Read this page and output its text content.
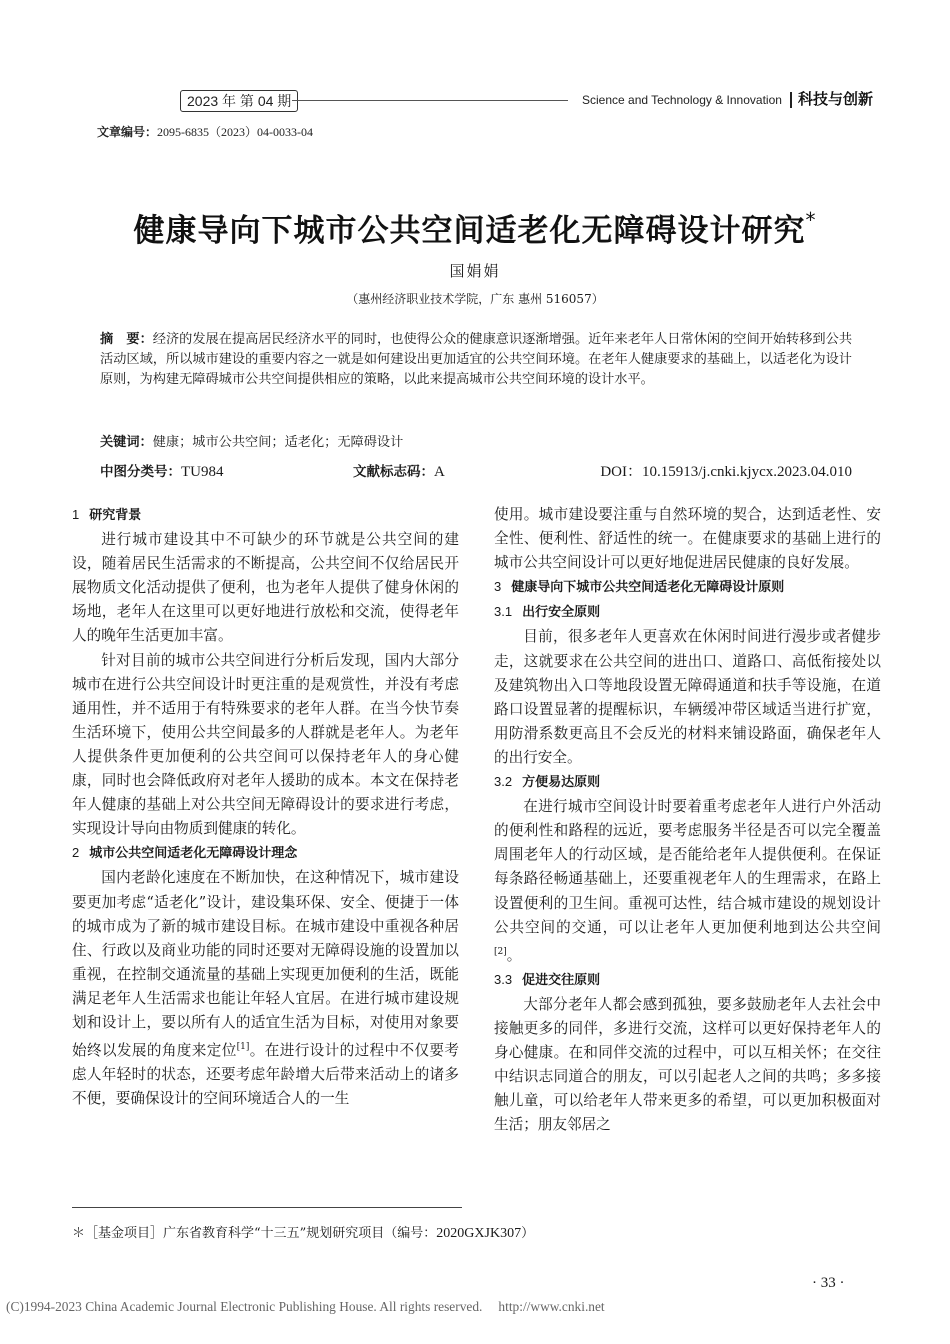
2023 年 第 04 期	Science and Technology & Innovation 科技与创新
文章编号：2095-6835（2023）04-0033-04
健康导向下城市公共空间适老化无障碍设计研究*
国娟娟
（惠州经济职业技术学院，广东 惠州 516057）
摘　要：经济的发展在提高居民经济水平的同时，也使得公众的健康意识逐渐增强。近年来老年人日常休闲的空间开始转移到公共活动区域，所以城市建设的重要内容之一就是如何建设出更加适宜的公共空间环境。在老年人健康要求的基础上，以适老化为设计原则，为构建无障碍城市公共空间提供相应的策略，以此来提高城市公共空间环境的设计水平。
关键词：健康；城市公共空间；适老化；无障碍设计
中图分类号：TU984	文献标志码：A	DOI：10.15913/j.cnki.kjycx.2023.04.010
1 研究背景

进行城市建设其中不可缺少的环节就是公共空间的建设，随着居民生活需求的不断提高，公共空间不仅给居民开展物质文化活动提供了便利，也为老年人提供了健身休闲的场地，老年人在这里可以更好地进行放松和交流，使得老年人的晚年生活更加丰富。

针对目前的城市公共空间进行分析后发现，国内大部分城市在进行公共空间设计时更注重的是观赏性，并没有考虑通用性，并不适用于有特殊要求的老年人群。在当今快节奏生活环境下，使用公共空间最多的人群就是老年人。为老年人提供条件更加便利的公共空间可以保持老年人的身心健康，同时也会降低政府对老年人援助的成本。本文在保持老年人健康的基础上对公共空间无障碍设计的要求进行考虑，实现设计导向由物质到健康的转化。

2 城市公共空间适老化无障碍设计理念

国内老龄化速度在不断加快，在这种情况下，城市建设要更加考虑“适老化”设计，建设集环保、安全、便捷于一体的城市成为了新的城市建设目标。在城市建设中重视各种居住、行政以及商业功能的同时还要对无障碍设施的设置加以重视，在控制交通流量的基础上实现更加便利的生活，既能满足老年人生活需求也能让年轻人宜居。在进行城市建设规划和设计上，要以所有人的适宜生活为目标，对使用对象要始终以发展的角度来定位[1]。在进行设计的过程中不仅要考虑人年轻时的状态，还要考虑年龄增大后带来活动上的诸多不便，要确保设计的空间环境适合人的一生

使用。城市建设要注重与自然环境的契合，达到适老性、安全性、便利性、舒适性的统一。在健康要求的基础上进行的城市公共空间设计可以更好地促进居民健康的良好发展。

3 健康导向下城市公共空间适老化无障碍设计原则
3.1 出行安全原则

目前，很多老年人更喜欢在休闲时间进行漫步或者健步走，这就要求在公共空间的进出口、道路口、高低衔接处以及建筑物出入口等地段设置无障碍通道和扶手等设施，在道路口设置显著的提醒标识，车辆缓冲带区域适当进行扩宽，用防滑系数更高且不会反光的材料来铺设路面，确保老年人的出行安全。

3.2 方便易达原则

在进行城市空间设计时要着重考虑老年人进行户外活动的便利性和路程的远近，要考虑服务半径是否可以完全覆盖周围老年人的行动区域，是否能给老年人提供便利。在保证每条路径畅通基础上，还要重视老年人的生理需求，在路上设置便利的卫生间。重视可达性，结合城市建设的规划设计公共空间的交通，可以让老年人更加便利地到达公共空间[2]。

3.3 促进交往原则

大部分老年人都会感到孤独，要多鼓励老年人去社会中接触更多的同伴，多进行交流，这样可以更好保持老年人的身心健康。在和同伴交流的过程中，可以互相关怀；在交往中结识志同道合的朋友，可以引起老人之间的共鸣；多多接触儿童，可以给老年人带来更多的希望，可以更加积极面对生活；朋友邻居之

＊［基金项目］广东省教育科学“十三五”规划研究项目（编号：2020GXJK307）
· 33 ·
(C)1994-2023 China Academic Journal Electronic Publishing House. All rights reserved. http://www.cnki.net
